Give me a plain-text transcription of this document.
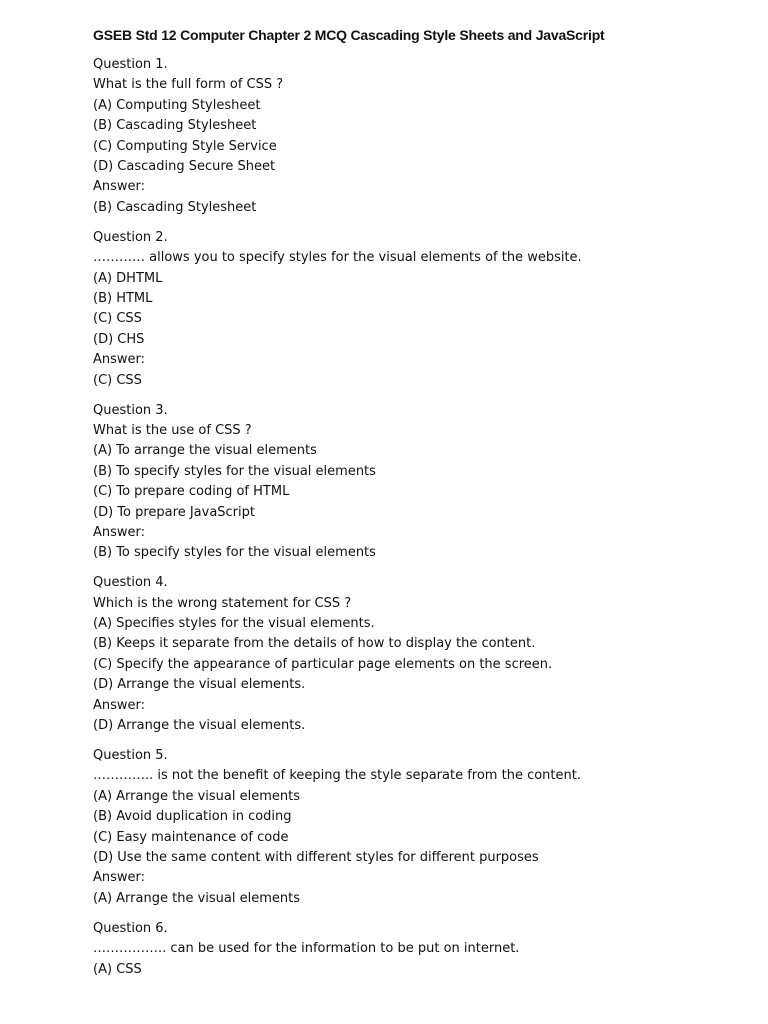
GSEB Std 12 Computer Chapter 2 MCQ Cascading Style Sheets and JavaScript
Question 1.
What is the full form of CSS ?
(A) Computing Stylesheet
(B) Cascading Stylesheet
(C) Computing Style Service
(D) Cascading Secure Sheet
Answer:
(B) Cascading Stylesheet
Question 2.
………… allows you to specify styles for the visual elements of the website.
(A) DHTML
(B) HTML
(C) CSS
(D) CHS
Answer:
(C) CSS
Question 3.
What is the use of CSS ?
(A) To arrange the visual elements
(B) To specify styles for the visual elements
(C) To prepare coding of HTML
(D) To prepare JavaScript
Answer:
(B) To specify styles for the visual elements
Question 4.
Which is the wrong statement for CSS ?
(A) Specifies styles for the visual elements.
(B) Keeps it separate from the details of how to display the content.
(C) Specify the appearance of particular page elements on the screen.
(D) Arrange the visual elements.
Answer:
(D) Arrange the visual elements.
Question 5.
………….. is not the benefit of keeping the style separate from the content.
(A) Arrange the visual elements
(B) Avoid duplication in coding
(C) Easy maintenance of code
(D) Use the same content with different styles for different purposes
Answer:
(A) Arrange the visual elements
Question 6.
…………….. can be used for the information to be put on internet.
(A) CSS
